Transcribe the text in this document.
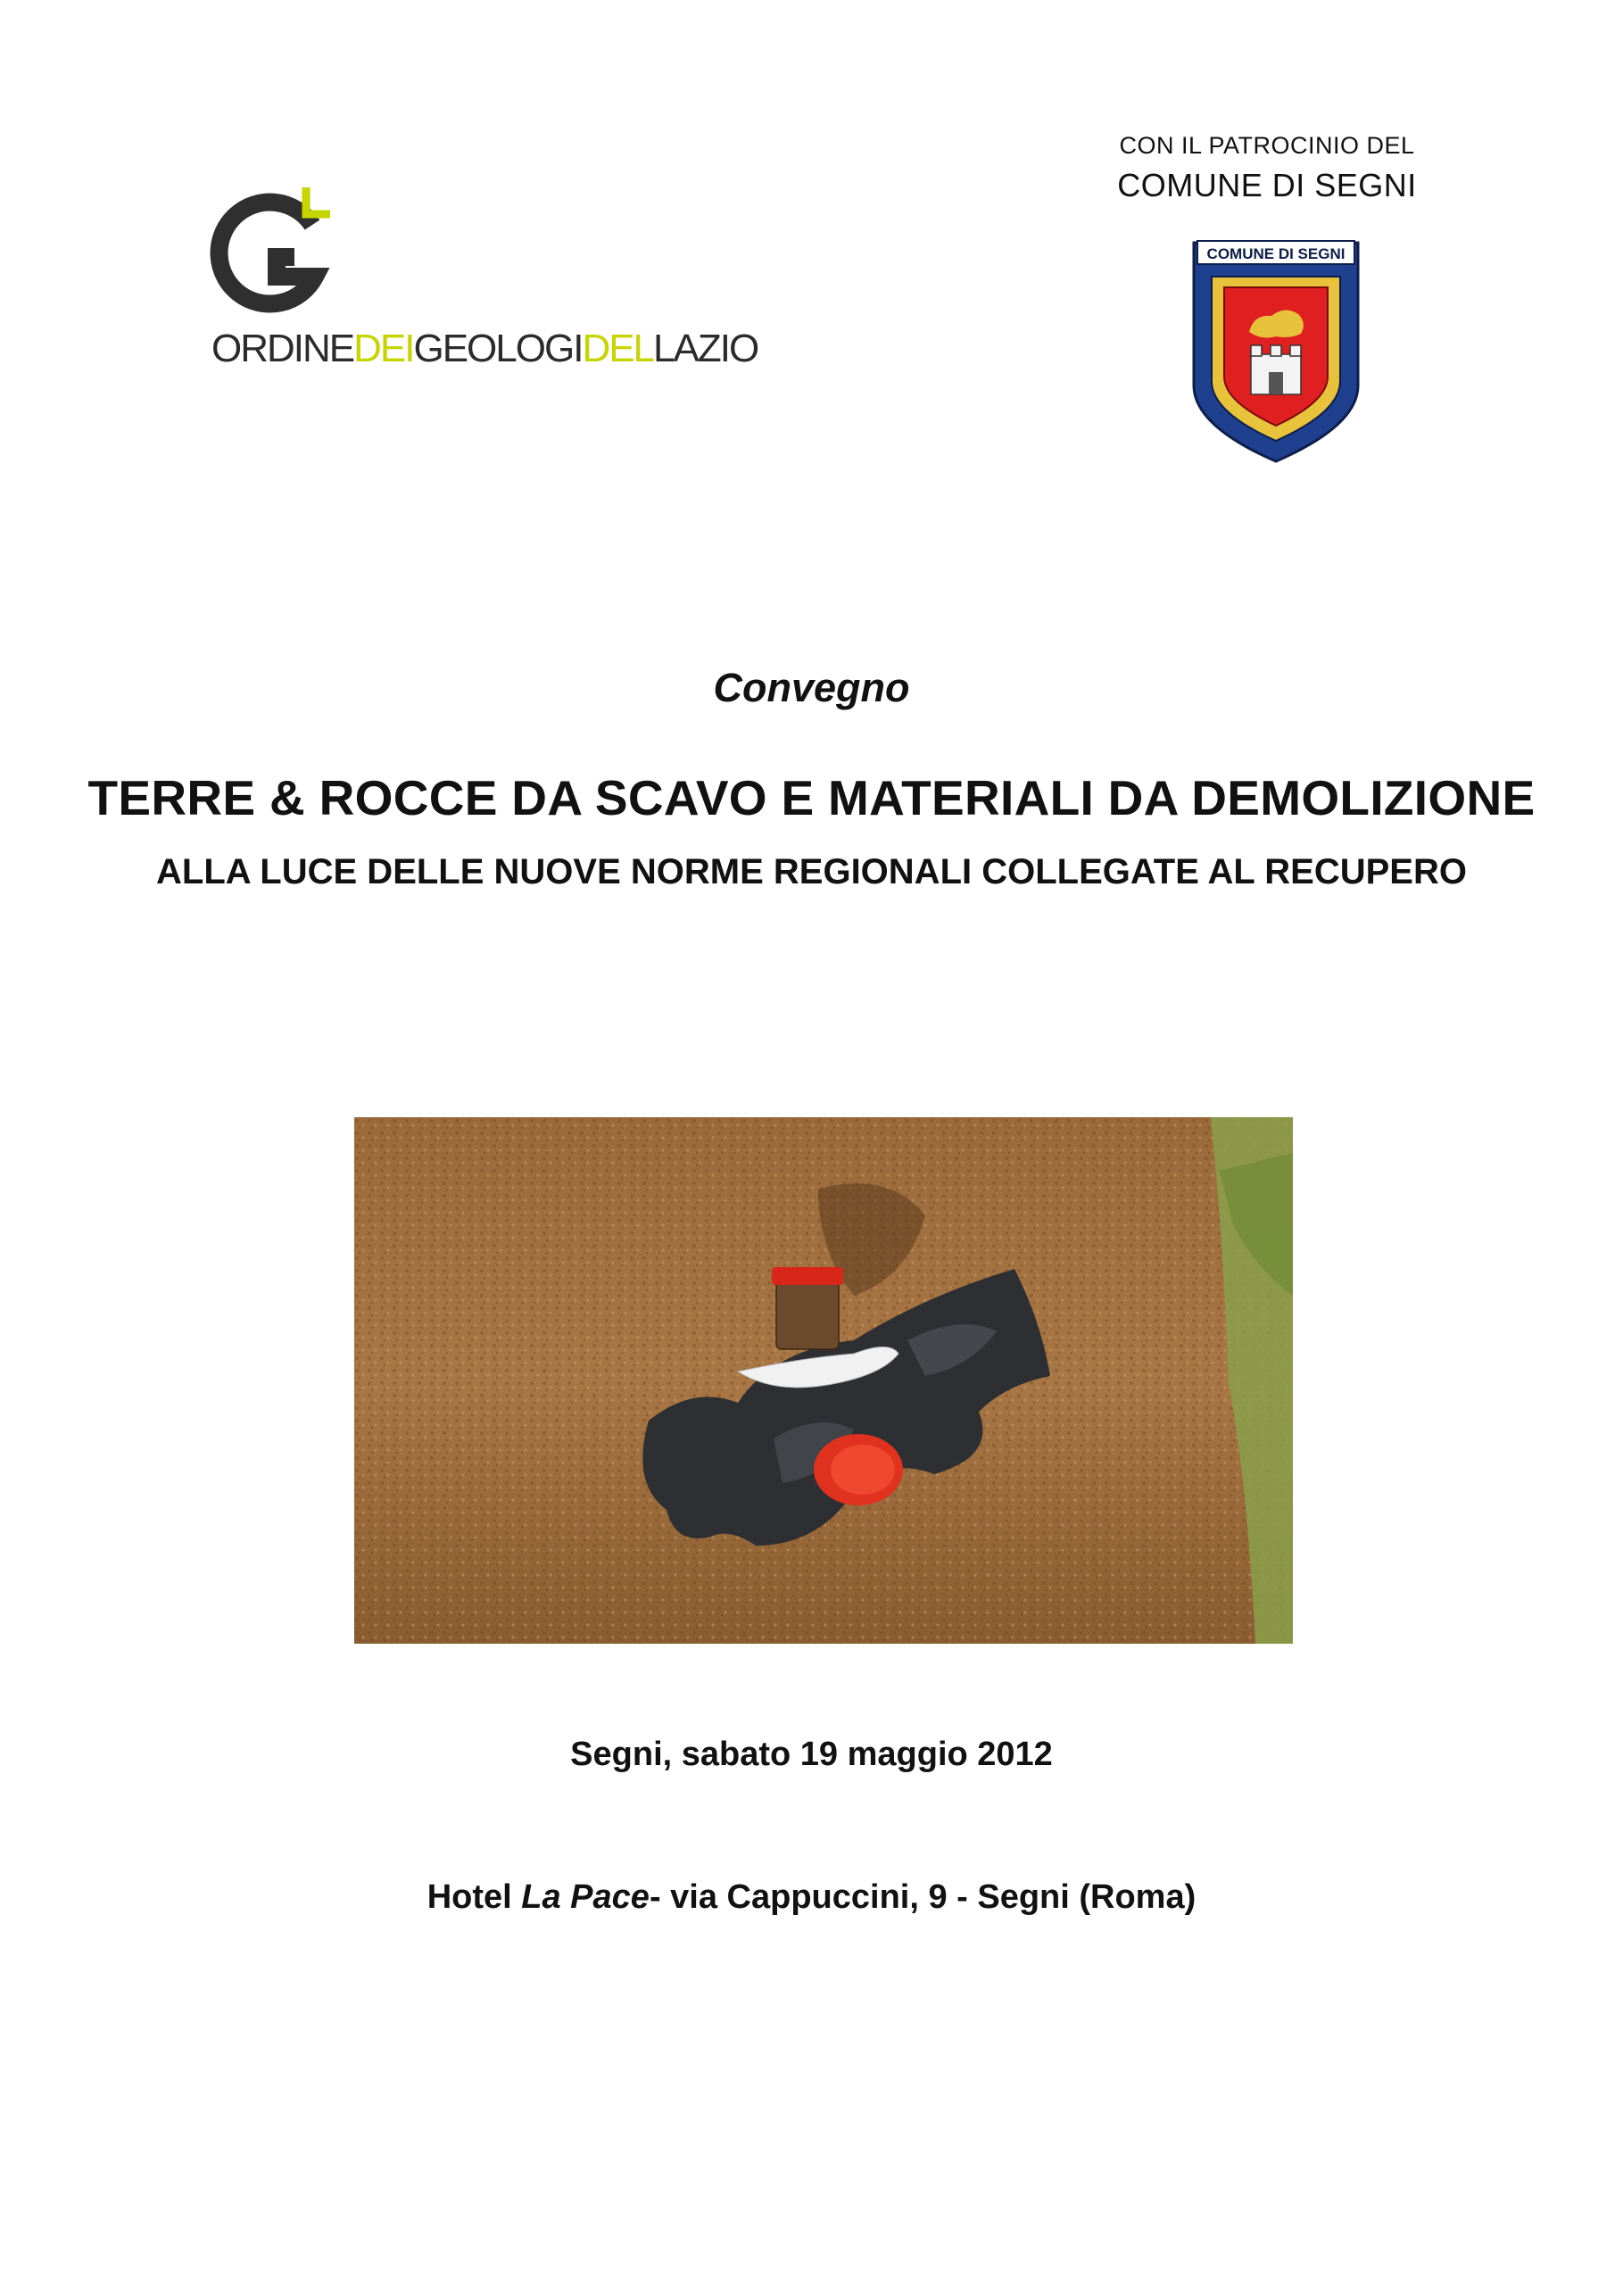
ORDINEDEIGEOLOGIDELLAZIO
CON IL PATROCINIO DEL
COMUNE DI SEGNI
COMUNE DI SEGNI
Convegno
TERRE & ROCCE DA SCAVO E MATERIALI DA DEMOLIZIONE
ALLA LUCE DELLE NUOVE NORME REGIONALI COLLEGATE AL RECUPERO
Segni, sabato 19 maggio 2012
Hotel La Pace- via Cappuccini, 9 - Segni (Roma)
